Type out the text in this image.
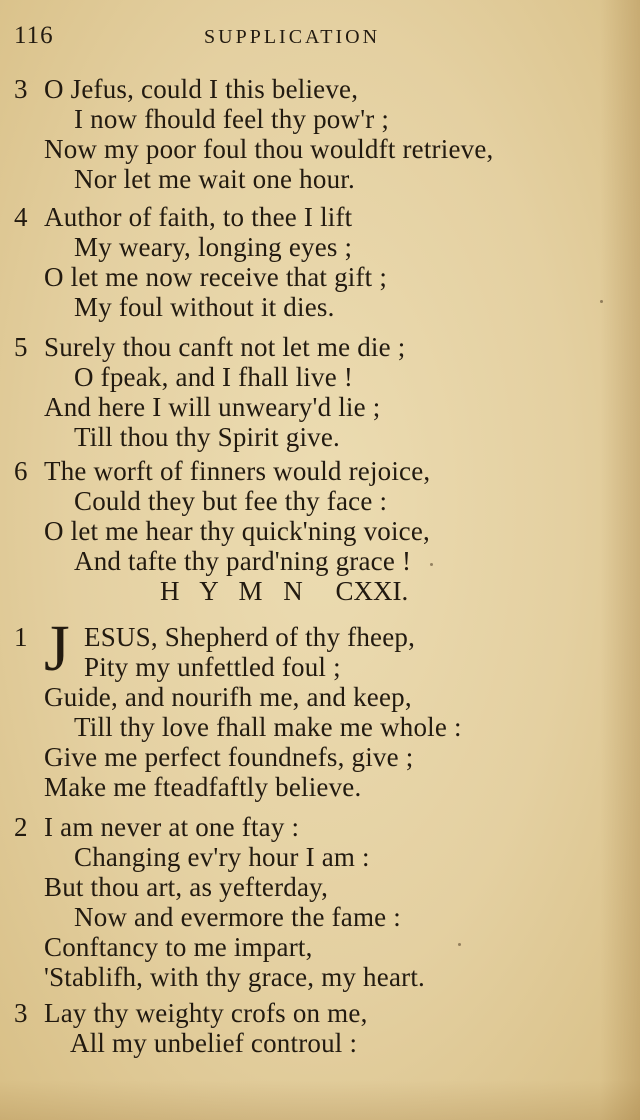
116	SUPPLICATION
3 O Jefus, could I this believe,
I now fhould feel thy pow'r ;
Now my poor foul thou wouldft retrieve,
Nor let me wait one hour.
4 Author of faith, to thee I lift
My weary, longing eyes ;
O let me now receive that gift ;
My foul without it dies.
5 Surely thou canft not let me die ;
O fpeak, and I fhall live !
And here I will unweary'd lie ;
Till thou thy Spirit give.
6 The worft of finners would rejoice,
Could they but fee thy face :
O let me hear thy quick'ning voice,
And tafte thy pard'ning grace !
H Y M N CXXI.
1 J ESUS, Shepherd of thy fheep,
Pity my unfettled foul ;
Guide, and nourifh me, and keep,
Till thy love fhall make me whole :
Give me perfect foundnefs, give ;
Make me fteadfaftly believe.
2 I am never at one ftay :
Changing ev'ry hour I am :
But thou art, as yefterday,
Now and evermore the fame :
Conftancy to me impart,
'Stablifh, with thy grace, my heart.
3 Lay thy weighty crofs on me,
All my unbelief controul :
